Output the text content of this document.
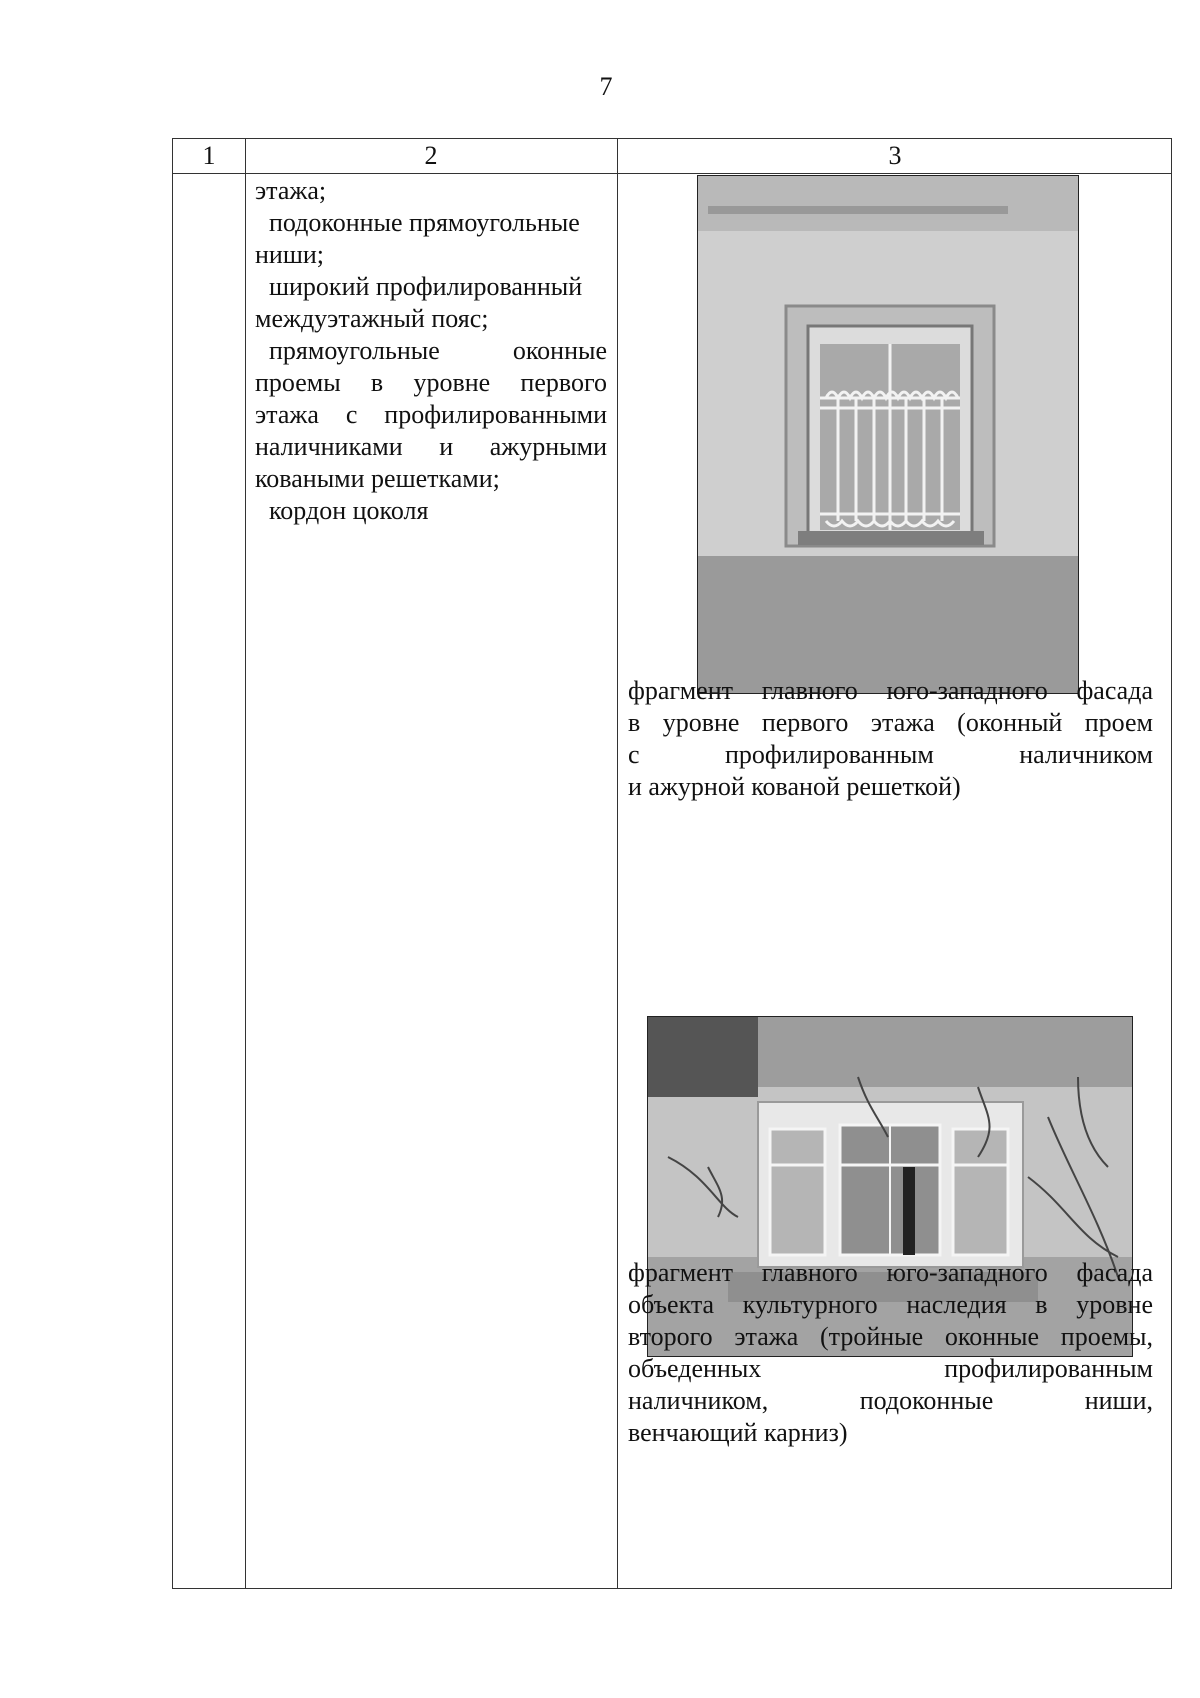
7
1	2	3

этажа;

подоконные прямоугольные

ниши;

широкий профилированный

междуэтажный пояс;

прямоугольные оконные

проемы в уровне первого

этажа с профилированными

наличниками и ажурными

коваными решетками;

кордон цоколя

фрагмент главного юго-западного фасада

в уровне первого этажа (оконный проем

с профилированным наличником

и ажурной кованой решеткой)

фрагмент главного юго-западного фасада

объекта культурного наследия в уровне

второго этажа (тройные оконные проемы,

объеденных профилированным

наличником, подоконные ниши,

венчающий карниз)
